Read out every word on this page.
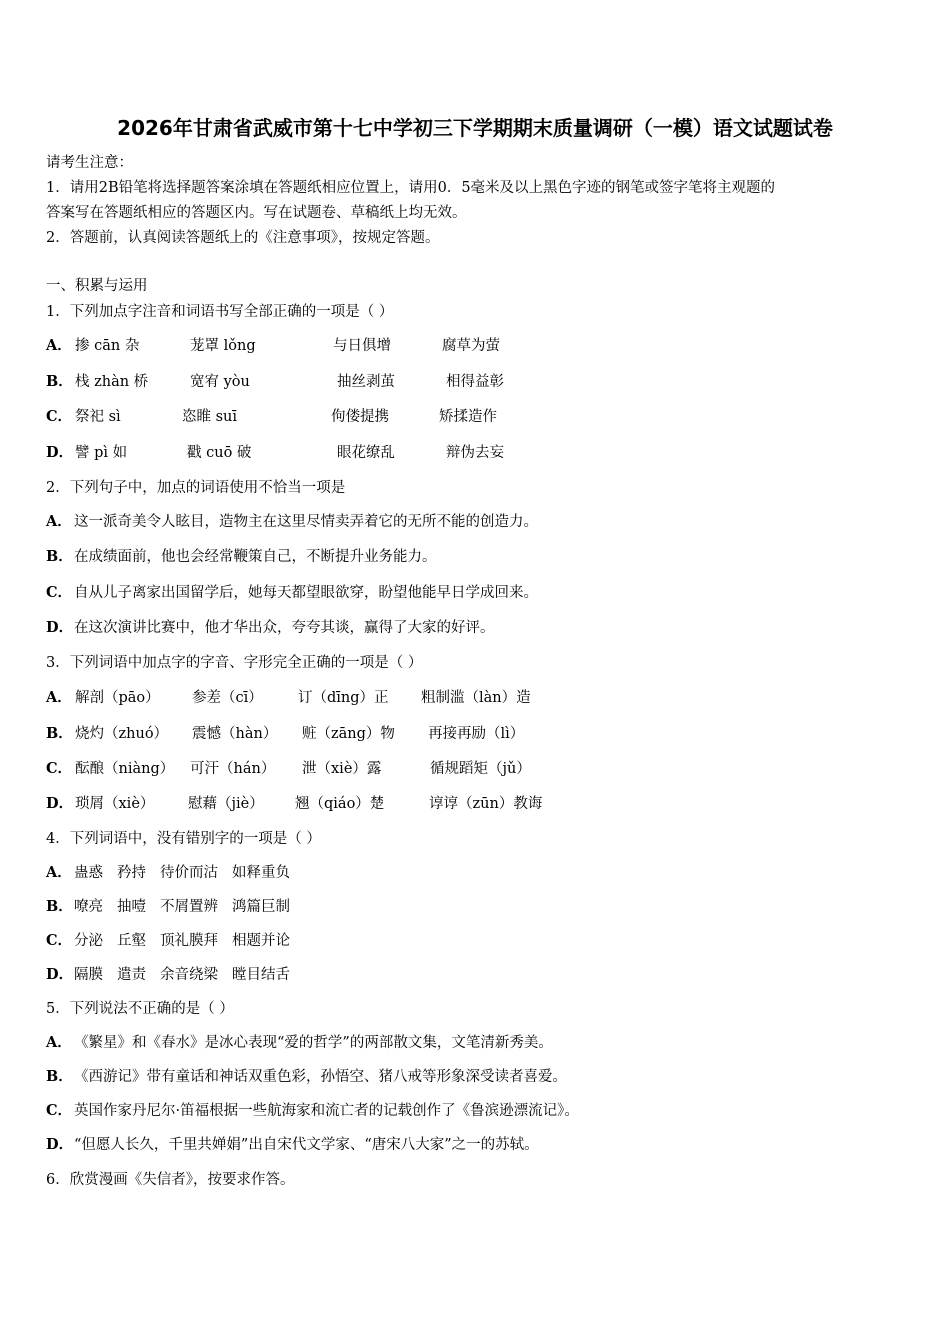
2026年甘肃省武威市第十七中学初三下学期期末质量调研（一模）语文试题试卷
请考生注意：
1．请用2B铅笔将选择题答案涂填在答题纸相应位置上，请用0．5毫米及以上黑色字迹的钢笔或签字笔将主观题的
答案写在答题纸相应的答题区内。写在试题卷、草稿纸上均无效。
2．答题前，认真阅读答题纸上的《注意事项》，按规定答题。
一、积累与运用
1．下列加点字注音和词语书写全部正确的一项是（ ）
A． 掺 cān 杂	茏罩 lǒng	与日俱增	腐草为萤
B． 栈 zhàn 桥	宽宥 yòu	抽丝剥茧	相得益彰
C． 祭祀 sì	恣睢 suī	佝偻提携	矫揉造作
D． 譬 pì 如	戳 cuō 破	眼花缭乱	辩伪去妄
2．下列句子中，加点的词语使用不恰当一项是
A． 这一派奇美令人眩目，造物主在这里尽情卖弄着它的无所不能的创造力。
B．在成绩面前，他也会经常鞭策自己，不断提升业务能力。
C． 自从儿子离家出国留学后，她每天都望眼欲穿，盼望他能早日学成回来。
D．在这次演讲比赛中，他才华出众，夸夸其谈，赢得了大家的好评。
3．下列词语中加点字的字音、字形完全正确的一项是（ ）
A． 解剖（pāo） 参差（cī） 订（dīng）正 粗制滥（làn）造
B． 烧灼（zhuó） 震憾（hàn） 赃（zāng）物 再接再励（lì）
C． 酝酿（niàng） 可汗（hán） 泄（xiè）露	循规蹈矩（jǔ）
D． 琐屑（xiè） 慰藉（jiè） 翘（qiáo）楚	谆谆（zūn）教诲
4．下列词语中，没有错别字的一项是（ ）
A． 蛊惑 矜持 待价而沽 如释重负
B．嘹亮 抽噎 不屑置辨 鸿篇巨制
C． 分泌 丘壑 顶礼膜拜 相题并论
D．隔膜 遣责 余音绕梁 瞠目结舌
5．下列说法不正确的是（ ）
A． 《繁星》和《春水》是冰心表现“爱的哲学”的两部散文集，文笔清新秀美。
B．《西游记》带有童话和神话双重色彩，孙悟空、猪八戒等形象深受读者喜爱。
C． 英国作家丹尼尔·笛福根据一些航海家和流亡者的记载创作了《鲁滨逊漂流记》。
D．“但愿人长久，千里共婵娟”出自宋代文学家、“唐宋八大家”之一的苏轼。
6．欣赏漫画《失信者》，按要求作答。
